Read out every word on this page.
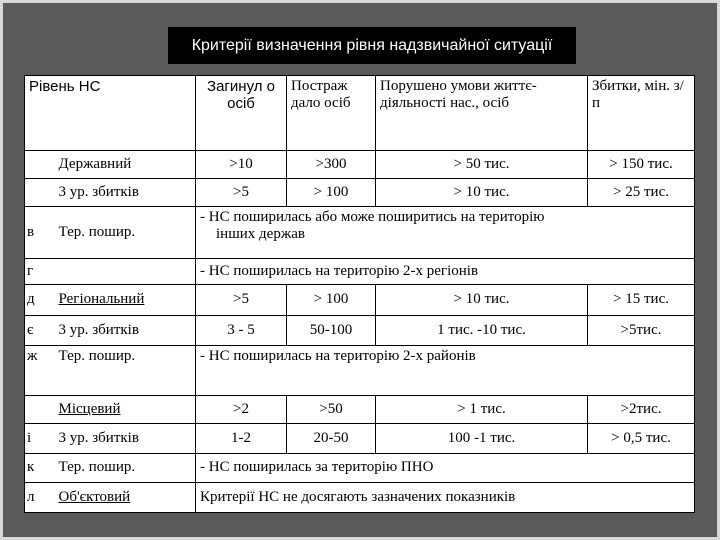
Критерії визначення рівня надзвичайної ситуації
Рівень НС		Загинул о осіб	Постраж дало осіб	Порушено умови життє-діяльності нас., осіб	Збитки, мін. з/п
	Державний	>10	>300	> 50 тис.	> 150 тис.
	3 ур. збитків	>5	> 100	> 10 тис.	> 25 тис.
в	Тер. пошир.	- НС поширилась або може поширитись на територію
інших держав			
г		- НС поширилась на територію 2-х регіонів			
д	Регіональний	>5	> 100	> 10 тис.	> 15 тис.
є	3 ур. збитків	3 - 5	50-100	1 тис. -10 тис.	>5тис.
ж	Тер. пошир.	- НС поширилась на територію 2-х районів			
	Місцевий	>2	>50	> 1 тис.	>2тис.
і	3 ур. збитків	1-2	20-50	100 -1 тис.	> 0,5 тис.
к	Тер. пошир.	- НС поширилась за територію ПНО			
л	Об'єктовий	Критерії НС не досягають зазначених показників			
